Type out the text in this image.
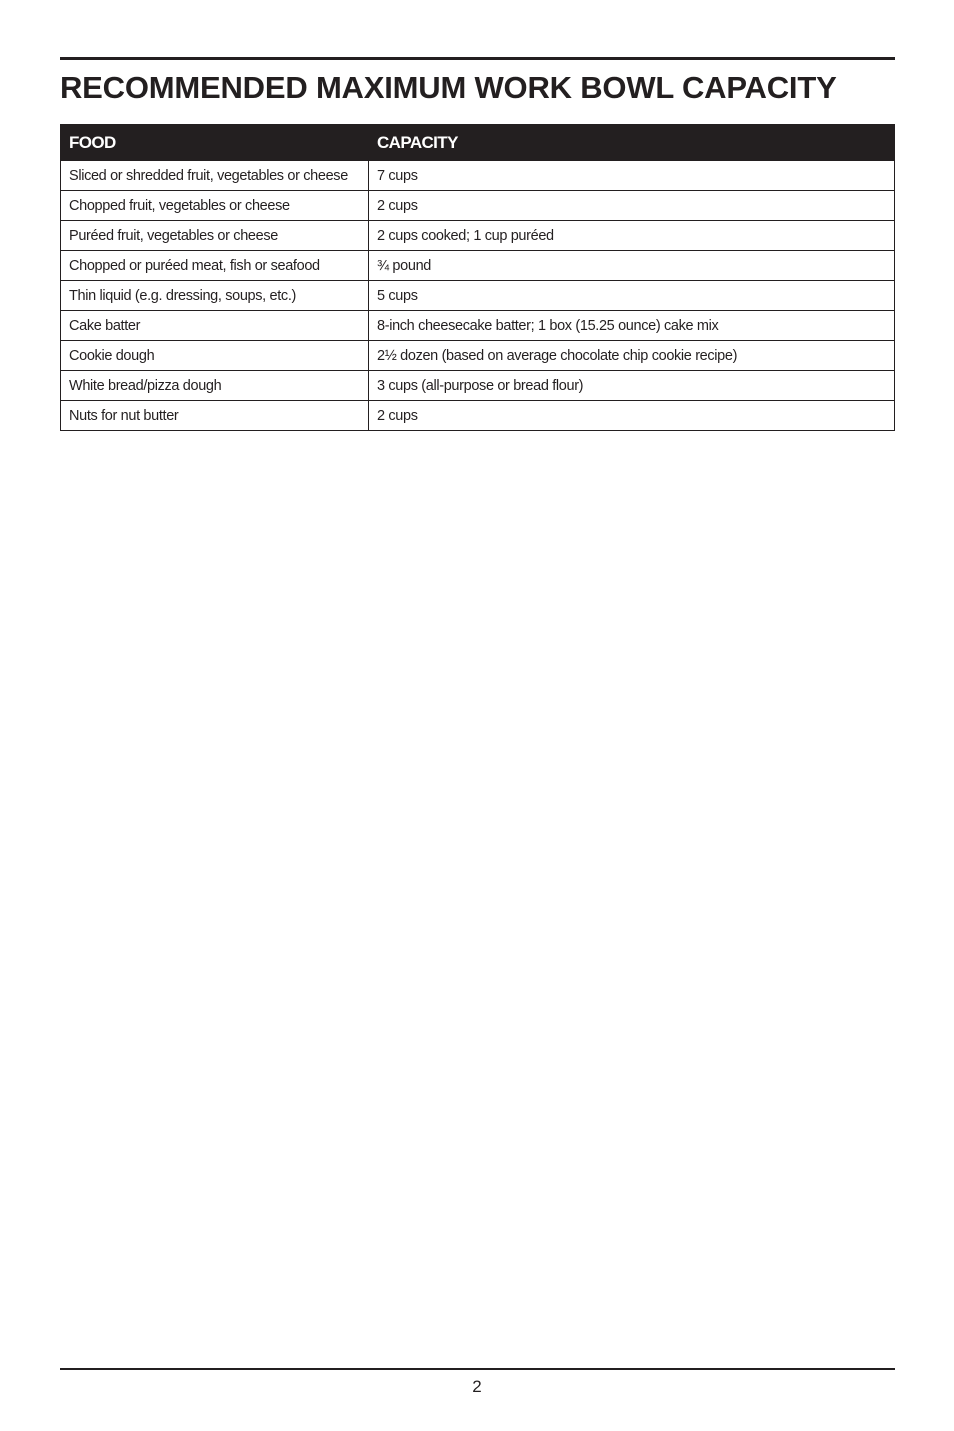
RECOMMENDED MAXIMUM WORK BOWL CAPACITY
FOOD	CAPACITY
Sliced or shredded fruit, vegetables or cheese	7 cups
Chopped fruit, vegetables or cheese	2 cups
Puréed fruit, vegetables or cheese	2 cups cooked; 1 cup puréed
Chopped or puréed meat, fish or seafood	¾ pound
Thin liquid (e.g. dressing, soups, etc.)	5 cups
Cake batter	8-inch cheesecake batter; 1 box (15.25 ounce) cake mix
Cookie dough	2½ dozen (based on average chocolate chip cookie recipe)
White bread/pizza dough	3 cups (all-purpose or bread flour)
Nuts for nut butter	2 cups
2
